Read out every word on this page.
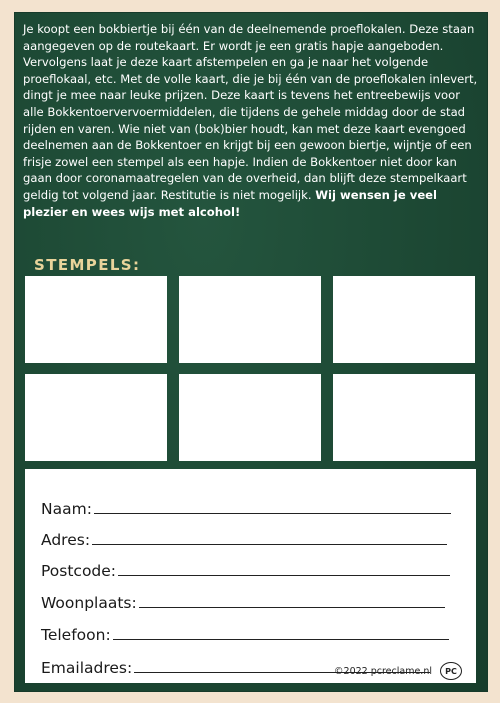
Je koopt een bokbiertje bij één van de deelnemende proeflokalen. Deze staan aangegeven op de routekaart. Er wordt je een gratis hapje aangeboden. Vervolgens laat je deze kaart afstempelen en ga je naar het volgende proeflokaal, etc. Met de volle kaart, die je bij één van de proeflokalen inlevert, dingt je mee naar leuke prijzen. Deze kaart is tevens het entreebewijs voor alle Bokkentoervervoermiddelen, die tijdens de gehele middag door de stad rijden en varen. Wie niet van (bok)bier houdt, kan met deze kaart evengoed deelnemen aan de Bokkentoer en krijgt bij een gewoon biertje, wijntje of een frisje zowel een stempel als een hapje. Indien de Bokkentoer niet door kan gaan door coronamaatregelen van de overheid, dan blijft deze stempelkaart geldig tot volgend jaar. Restitutie is niet mogelijk. Wij wensen je veel plezier en wees wijs met alcohol!

STEMPELS:
Naam:
Adres:
Postcode:
Woonplaats:
Telefoon:
Emailadres:	©2022 pcreclame.nl	PC
